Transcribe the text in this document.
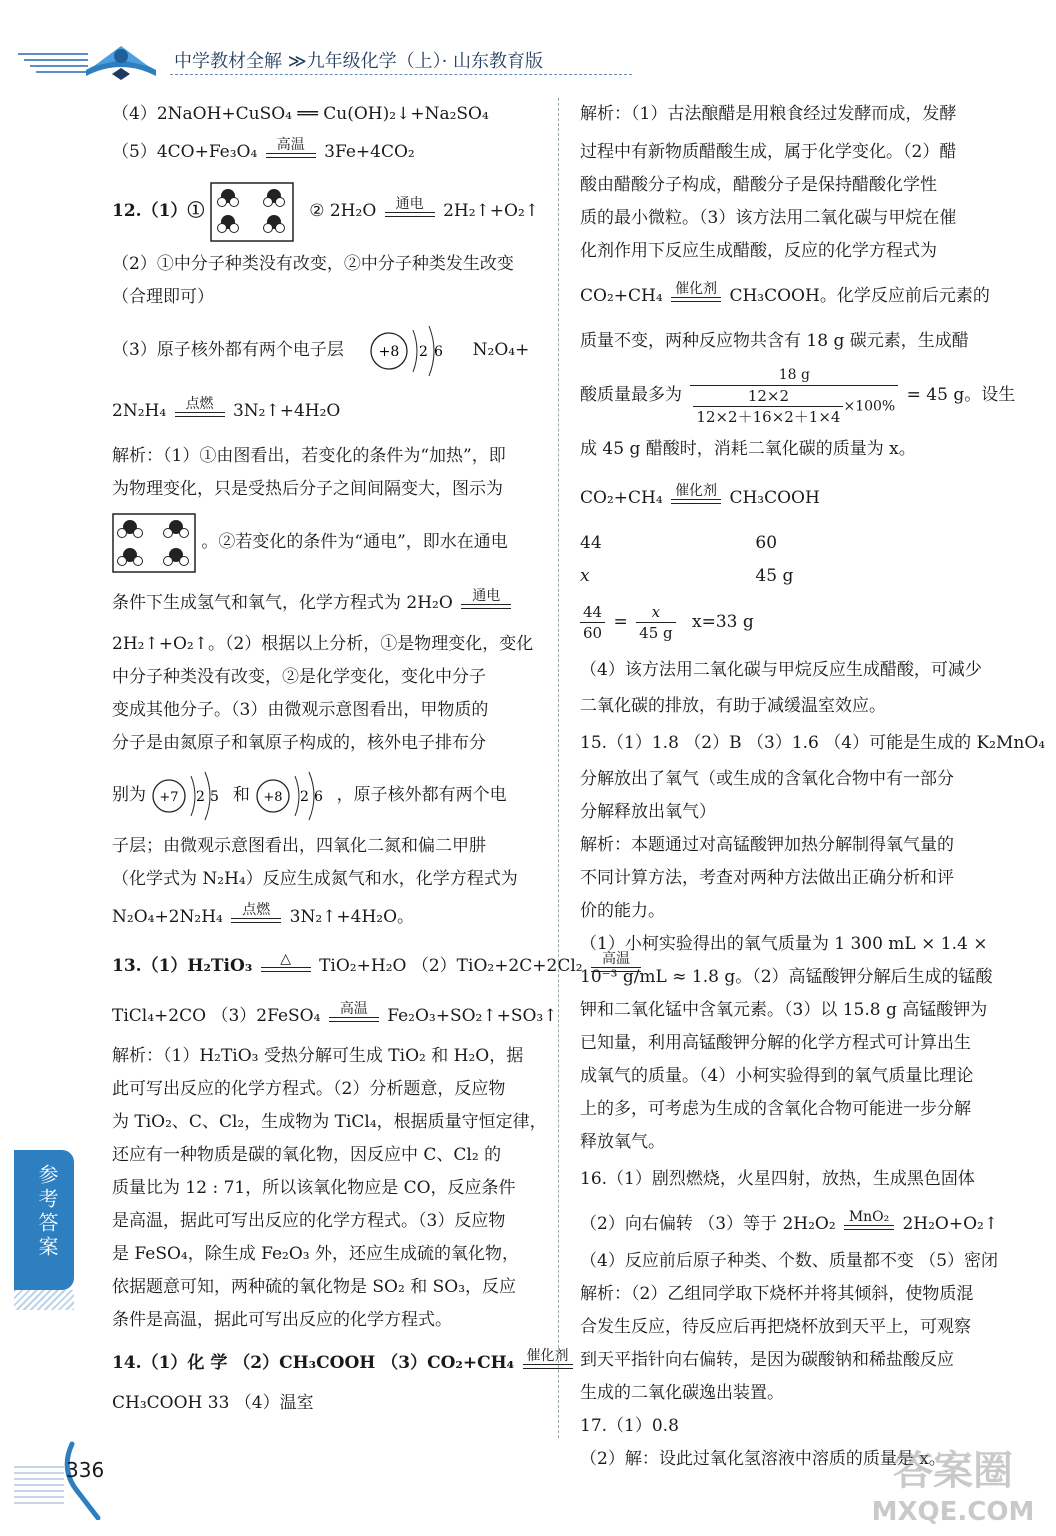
中学教材全解 ≫九年级化学（上）· 山东教育版
（4）2NaOH+CuSO₄ ══ Cu(OH)₂↓+Na₂SO₄
（5）4CO+Fe₃O₄	高温	3Fe+4CO₂
12.（1）①	② 2H₂O	通电	2H₂↑+O₂↑
（2）①中分子种类没有改变，②中分子种类发生改变
（合理即可）
（3）原子核外都有两个电子层	+8 2 6 N₂O₄+
2N₂H₄	点燃	3N₂↑+4H₂O
解析：（1）①由图看出，若变化的条件为“加热”，即
为物理变化，只是受热后分子之间间隔变大，图示为
。②若变化的条件为“通电”，即水在通电
条件下生成氢气和氧气，化学方程式为 2H₂O	通电
2H₂↑+O₂↑。（2）根据以上分析，①是物理变化，变化
中分子种类没有改变，②是化学变化，变化中分子
变成其他分子。（3）由微观示意图看出，甲物质的
分子是由氮原子和氧原子构成的，核外电子排布分
别为 +7 2 5 和 +8 2 6 ，原子核外都有两个电
子层；由微观示意图看出，四氧化二氮和偏二甲肼
（化学式为 N₂H₄）反应生成氮气和水，化学方程式为
N₂O₄+2N₂H₄	点燃	3N₂↑+4H₂O。
13.（1）H₂TiO₃	△	TiO₂+H₂O （2）TiO₂+2C+2Cl₂	高温
TiCl₄+2CO （3）2FeSO₄	高温	Fe₂O₃+SO₂↑+SO₃↑
解析：（1）H₂TiO₃ 受热分解可生成 TiO₂ 和 H₂O，据
此可写出反应的化学方程式。（2）分析题意，反应物
为 TiO₂、C、Cl₂，生成物为 TiCl₄，根据质量守恒定律，
还应有一种物质是碳的氧化物，因反应中 C、Cl₂ 的
质量比为 12 : 71，所以该氧化物应是 CO，反应条件
是高温，据此可写出反应的化学方程式。（3）反应物
是 FeSO₄，除生成 Fe₂O₃ 外，还应生成硫的氧化物，
依据题意可知，两种硫的氧化物是 SO₂ 和 SO₃，反应
条件是高温，据此可写出反应的化学方程式。
14.（1）化 学 （2）CH₃COOH （3）CO₂+CH₄ 催化剂
CH₃COOH 33 （4）温室
解析：（1）古法酿醋是用粮食经过发酵而成，发酵
过程中有新物质醋酸生成，属于化学变化。（2）醋
酸由醋酸分子构成，醋酸分子是保持醋酸化学性
质的最小微粒。（3）该方法用二氧化碳与甲烷在催
化剂作用下反应生成醋酸，反应的化学方程式为
CO₂+CH₄ 催化剂 CH₃COOH。化学反应前后元素的
质量不变，两种反应物共含有 18 g 碳元素，生成醋
酸质量最多为 $\frac{18 g}{\frac{12\times 2}{12\times 2+16\times 2+1\times 4} \times 100\%} = 45$ g。设生
成 45 g 醋酸时，消耗二氧化碳的质量为 x。
CO₂+CH₄ 催化剂 CH₃COOH
44	60
x	45 g
$\frac{44}{60} = \frac{x}{45 g} x=33$ g
（4）该方法用二氧化碳与甲烷反应生成醋酸，可减少
二氧化碳的排放，有助于减缓温室效应。
15.（1）1.8 （2）B （3）1.6 （4）可能是生成的 K₂MnO₄
分解放出了氧气（或生成的含氧化合物中有一部分
分解释放出氧气）
解析：本题通过对高锰酸钾加热分解制得氧气量的
不同计算方法，考查对两种方法做出正确分析和评
价的能力。
（1）小柯实验得出的氧气质量为 1 300 mL × 1.4 ×
10⁻³ g/mL ≈ 1.8 g。（2）高锰酸钾分解后生成的锰酸
钾和二氧化锰中含氧元素。（3）以 15.8 g 高锰酸钾为
已知量，利用高锰酸钾分解的化学方程式可计算出生
成氧气的质量。（4）小柯实验得到的氧气质量比理论
上的多，可考虑为生成的含氧化合物可能进一步分解
释放氧气。
16.（1）剧烈燃烧，火星四射，放热，生成黑色固体
（2）向右偏转 （3）等于 2H₂O₂ MnO₂ 2H₂O+O₂↑
（4）反应前后原子种类、个数、质量都不变 （5）密闭
解析：（2）乙组同学取下烧杯并将其倾斜，使物质混
合发生反应，待反应后再把烧杯放到天平上，可观察
到天平指针向右偏转，是因为碳酸钠和稀盐酸反应
生成的二氧化碳逸出装置。
17.（1）0.8
（2）解：设此过氧化氢溶液中溶质的质量是 x。
参考答案
336	答案圈
MXQE.COM
